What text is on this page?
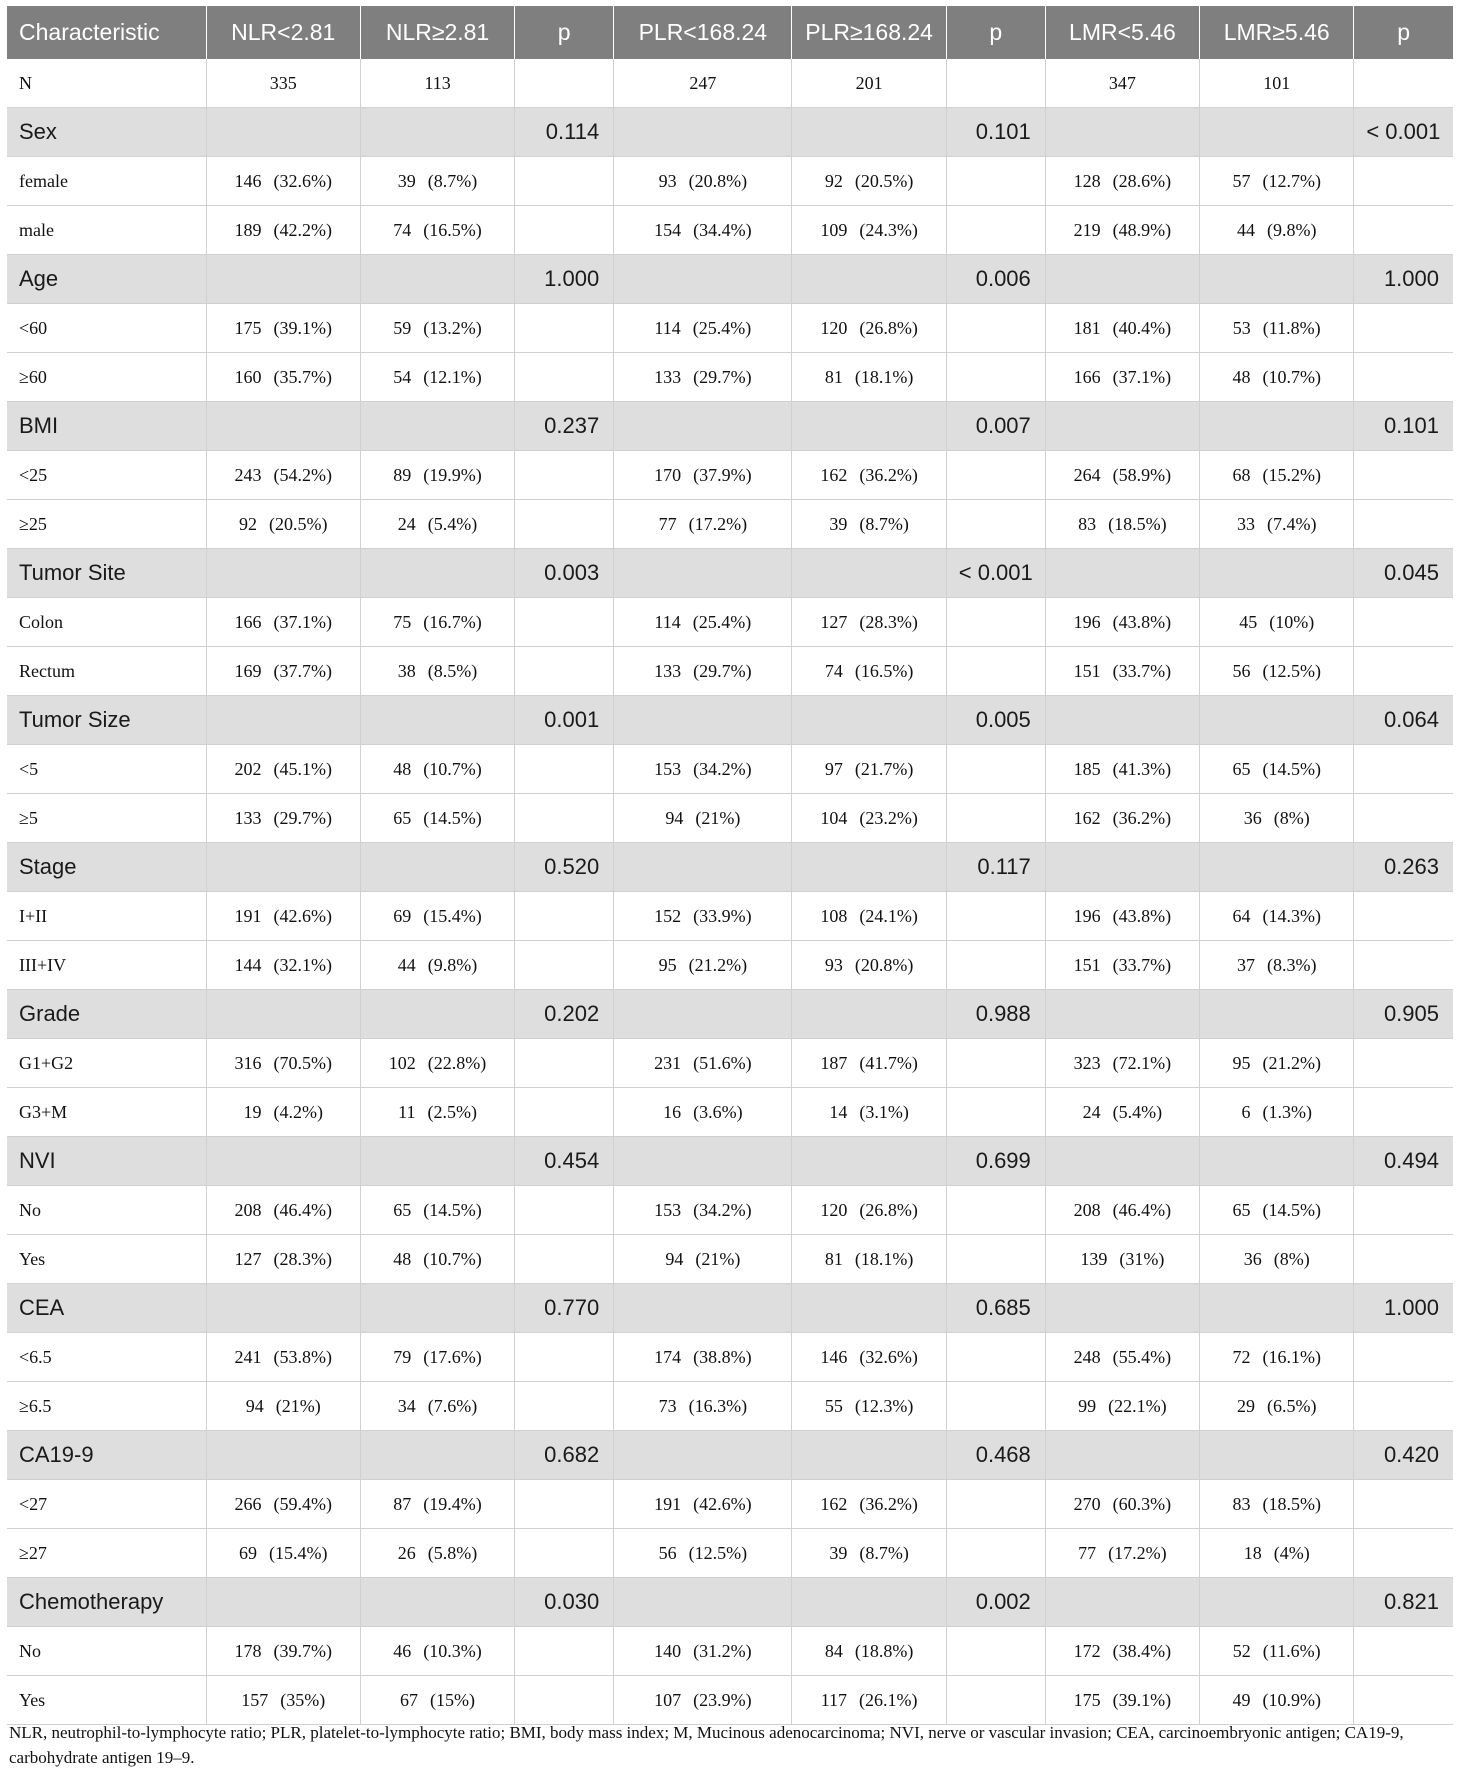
Characteristic	NLR<2.81	NLR≥2.81	p	PLR<168.24	PLR≥168.24	p	LMR<5.46	LMR≥5.46	p
N	335	113		247	201		347	101	
Sex			0.114			0.101			< 0.001
female	146 (32.6%)	39 (8.7%)		93 (20.8%)	92 (20.5%)		128 (28.6%)	57 (12.7%)	
male	189 (42.2%)	74 (16.5%)		154 (34.4%)	109 (24.3%)		219 (48.9%)	44 (9.8%)	
Age			1.000			0.006			1.000
<60	175 (39.1%)	59 (13.2%)		114 (25.4%)	120 (26.8%)		181 (40.4%)	53 (11.8%)	
≥60	160 (35.7%)	54 (12.1%)		133 (29.7%)	81 (18.1%)		166 (37.1%)	48 (10.7%)	
BMI			0.237			0.007			0.101
<25	243 (54.2%)	89 (19.9%)		170 (37.9%)	162 (36.2%)		264 (58.9%)	68 (15.2%)	
≥25	92 (20.5%)	24 (5.4%)		77 (17.2%)	39 (8.7%)		83 (18.5%)	33 (7.4%)	
Tumor Site			0.003			< 0.001			0.045
Colon	166 (37.1%)	75 (16.7%)		114 (25.4%)	127 (28.3%)		196 (43.8%)	45 (10%)	
Rectum	169 (37.7%)	38 (8.5%)		133 (29.7%)	74 (16.5%)		151 (33.7%)	56 (12.5%)	
Tumor Size			0.001			0.005			0.064
<5	202 (45.1%)	48 (10.7%)		153 (34.2%)	97 (21.7%)		185 (41.3%)	65 (14.5%)	
≥5	133 (29.7%)	65 (14.5%)		94 (21%)	104 (23.2%)		162 (36.2%)	36 (8%)	
Stage			0.520			0.117			0.263
I+II	191 (42.6%)	69 (15.4%)		152 (33.9%)	108 (24.1%)		196 (43.8%)	64 (14.3%)	
III+IV	144 (32.1%)	44 (9.8%)		95 (21.2%)	93 (20.8%)		151 (33.7%)	37 (8.3%)	
Grade			0.202			0.988			0.905
G1+G2	316 (70.5%)	102 (22.8%)		231 (51.6%)	187 (41.7%)		323 (72.1%)	95 (21.2%)	
G3+M	19 (4.2%)	11 (2.5%)		16 (3.6%)	14 (3.1%)		24 (5.4%)	6 (1.3%)	
NVI			0.454			0.699			0.494
No	208 (46.4%)	65 (14.5%)		153 (34.2%)	120 (26.8%)		208 (46.4%)	65 (14.5%)	
Yes	127 (28.3%)	48 (10.7%)		94 (21%)	81 (18.1%)		139 (31%)	36 (8%)	
CEA			0.770			0.685			1.000
<6.5	241 (53.8%)	79 (17.6%)		174 (38.8%)	146 (32.6%)		248 (55.4%)	72 (16.1%)	
≥6.5	94 (21%)	34 (7.6%)		73 (16.3%)	55 (12.3%)		99 (22.1%)	29 (6.5%)	
CA19-9			0.682			0.468			0.420
<27	266 (59.4%)	87 (19.4%)		191 (42.6%)	162 (36.2%)		270 (60.3%)	83 (18.5%)	
≥27	69 (15.4%)	26 (5.8%)		56 (12.5%)	39 (8.7%)		77 (17.2%)	18 (4%)	
Chemotherapy			0.030			0.002			0.821
No	178 (39.7%)	46 (10.3%)		140 (31.2%)	84 (18.8%)		172 (38.4%)	52 (11.6%)	
Yes	157 (35%)	67 (15%)		107 (23.9%)	117 (26.1%)		175 (39.1%)	49 (10.9%)	
NLR, neutrophil-to-lymphocyte ratio; PLR, platelet-to-lymphocyte ratio; BMI, body mass index; M, Mucinous adenocarcinoma; NVI, nerve or vascular invasion; CEA, carcinoembryonic antigen; CA19-9, carbohydrate antigen 19–9.
